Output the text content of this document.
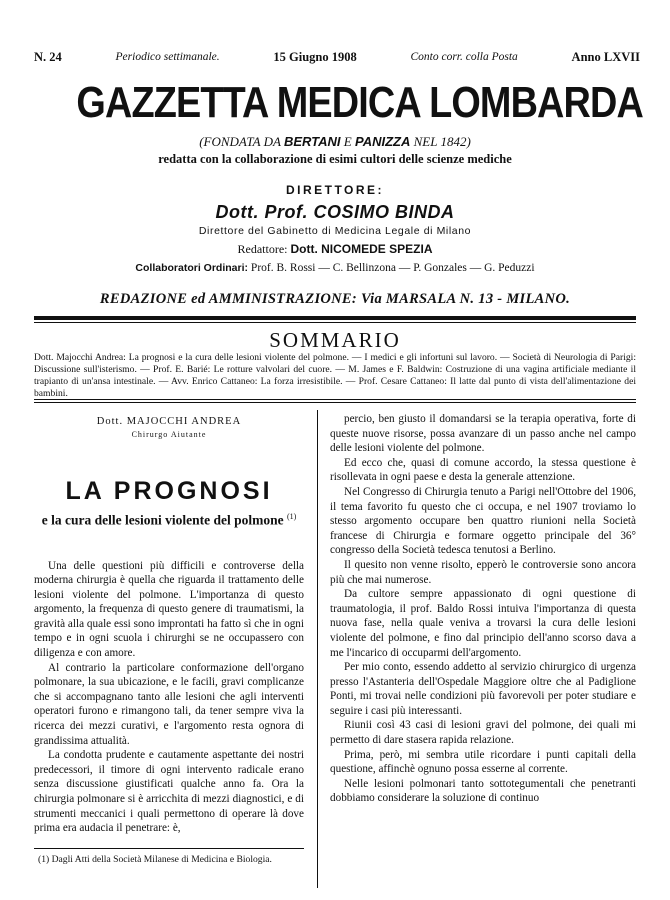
N. 24	Periodico settimanale.	15 Giugno 1908	Conto corr. colla Posta	Anno LXVII
GAZZETTA MEDICA LOMBARDA
(FONDATA DA BERTANI E PANIZZA NEL 1842)
redatta con la collaborazione di esimi cultori delle scienze mediche
DIRETTORE:
Dott. Prof. COSIMO BINDA
Direttore del Gabinetto di Medicina Legale di Milano
Redattore: Dott. NICOMEDE SPEZIA
Collaboratori Ordinari: Prof. B. Rossi — C. Bellinzona — P. Gonzales — G. Peduzzi
REDAZIONE ed AMMINISTRAZIONE: Via MARSALA N. 13 - MILANO.
SOMMARIO
Dott. Majocchi Andrea: La prognosi e la cura delle lesioni violente del polmone. — I medici e gli infortuni sul lavoro. — Società di Neurologia di Parigi: Discussione sull'isterismo. — Prof. E. Barié: Le rotture valvolari del cuore. — M. James e F. Baldwin: Costruzione di una vagina artificiale mediante il trapianto di un'ansa intestinale. — Avv. Enrico Cattaneo: La forza irresistibile. — Prof. Cesare Cattaneo: Il latte dal punto di vista dell'alimentazione dei bambini.
Dott. MAJOCCHI ANDREA
Chirurgo Aiutante
LA PROGNOSI
e la cura delle lesioni violente del polmone $^{(1)}$

Una delle questioni più difficili e controverse della moderna chirurgia è quella che riguarda il trattamento delle lesioni violente del polmone. L'importanza di questo argomento, la frequenza di questo genere di traumatismi, la gravità alla quale essi sono improntati ha fatto sì che in ogni tempo e in ogni scuola i chirurghi se ne occupassero con diligenza e con amore.

Al contrario la particolare conformazione dell'organo polmonare, la sua ubicazione, e le facili, gravi complicanze che si accompagnano tanto alle lesioni che agli interventi operatori furono e rimangono tali, da tener sempre viva la ricerca dei mezzi curativi, e l'argomento resta ognora di grandissima attualità.

La condotta prudente e cautamente aspettante dei nostri predecessori, il timore di ogni intervento radicale erano senza discussione giustificati qualche anno fa. Ora la chirurgia polmonare si è arricchita di mezzi diagnostici, e di strumenti meccanici i quali permettono di operare là dove prima era audacia il penetrare: è,

(1) Dagli Atti della Società Milanese di Medicina e Biologia.

percio, ben giusto il domandarsi se la terapia operativa, forte di queste nuove risorse, possa avanzare di un passo anche nel campo delle lesioni violente del polmone.

Ed ecco che, quasi di comune accordo, la stessa questione è risollevata in ogni paese e desta la generale attenzione.

Nel Congresso di Chirurgia tenuto a Parigi nell'Ottobre del 1906, il tema favorito fu questo che ci occupa, e nel 1907 troviamo lo stesso argomento occupare ben quattro riunioni nella Società francese di Chirurgia e formare oggetto principale del 36° congresso della Società tedesca tenutosi a Berlino.

Il quesito non venne risolto, epperò le controversie sono ancora più che mai numerose.

Da cultore sempre appassionato di ogni questione di traumatologia, il prof. Baldo Rossi intuiva l'importanza di questa nuova fase, nella quale veniva a trovarsi la cura delle lesioni violente del polmone, e fino dal principio dell'anno scorso dava a me l'incarico di occuparmi dell'argomento.

Per mio conto, essendo addetto al servizio chirurgico di urgenza presso l'Astanteria dell'Ospedale Maggiore oltre che al Padiglione Ponti, mi trovai nelle condizioni più favorevoli per poter studiare e seguire i casi più interessanti.

Riunii così 43 casi di lesioni gravi del polmone, dei quali mi permetto di dare stasera rapida relazione.

Prima, però, mi sembra utile ricordare i punti capitali della questione, affinchè ognuno possa esserne al corrente.

Nelle lesioni polmonari tanto sottotegumentali che penetranti dobbiamo considerare la soluzione di continuo
